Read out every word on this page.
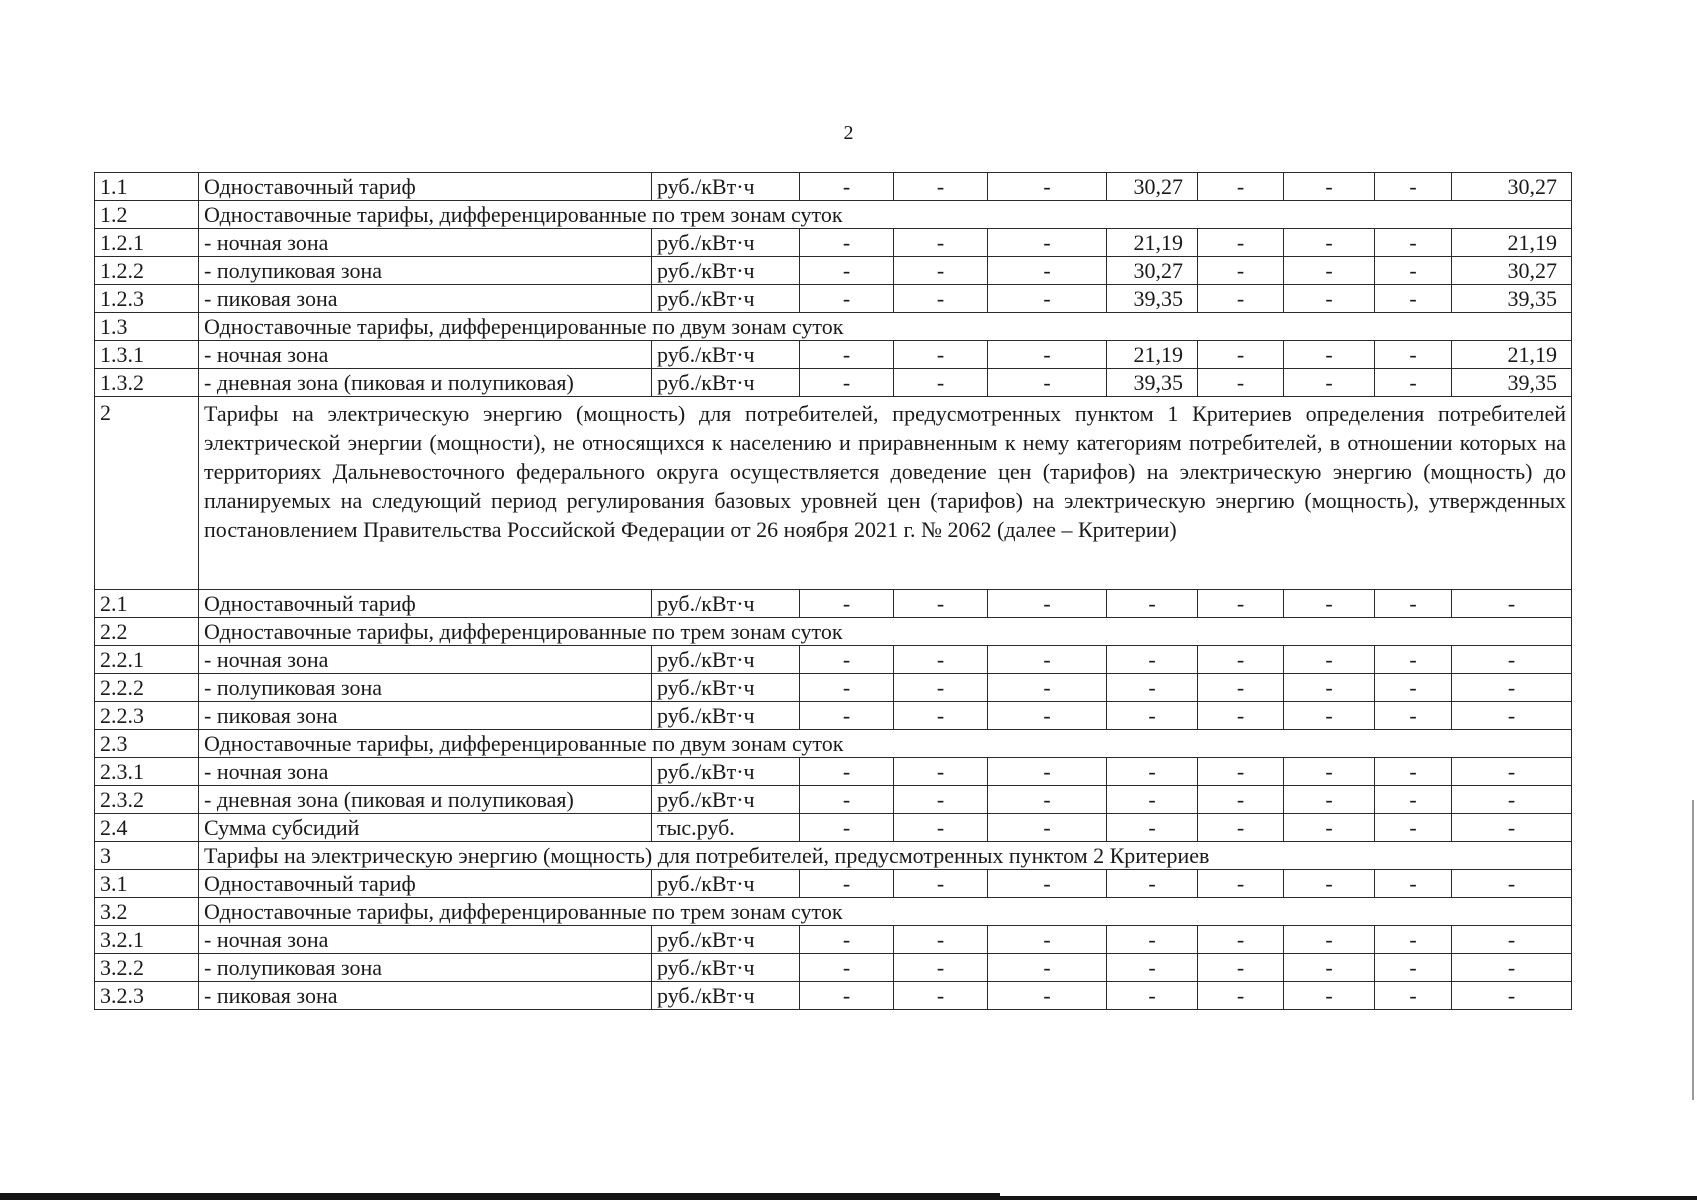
2
1.1	Одноставочный тариф	руб./кВт·ч	-	-	-	30,27	-	-	-	30,27
1.2	Одноставочные тарифы, дифференцированные по трем зонам суток									
1.2.1	- ночная зона	руб./кВт·ч	-	-	-	21,19	-	-	-	21,19
1.2.2	- полупиковая зона	руб./кВт·ч	-	-	-	30,27	-	-	-	30,27
1.2.3	- пиковая зона	руб./кВт·ч	-	-	-	39,35	-	-	-	39,35
1.3	Одноставочные тарифы, дифференцированные по двум зонам суток									
1.3.1	- ночная зона	руб./кВт·ч	-	-	-	21,19	-	-	-	21,19
1.3.2	- дневная зона (пиковая и полупиковая)	руб./кВт·ч	-	-	-	39,35	-	-	-	39,35
2	Тарифы на электрическую энергию (мощность) для потребителей, предусмотренных пунктом 1 Критериев определения потребителей электрической энергии (мощности), не относящихся к населению и приравненным к нему категориям потребителей, в отношении которых на территориях Дальневосточного федерального округа осуществляется доведение цен (тарифов) на электрическую энергию (мощность) до планируемых на следующий период регулирования базовых уровней цен (тарифов) на электрическую энергию (мощность), утвержденных постановлением Правительства Российской Федерации от 26 ноября 2021 г. № 2062 (далее – Критерии)									
2.1	Одноставочный тариф	руб./кВт·ч	-	-	-	-	-	-	-	-
2.2	Одноставочные тарифы, дифференцированные по трем зонам суток									
2.2.1	- ночная зона	руб./кВт·ч	-	-	-	-	-	-	-	-
2.2.2	- полупиковая зона	руб./кВт·ч	-	-	-	-	-	-	-	-
2.2.3	- пиковая зона	руб./кВт·ч	-	-	-	-	-	-	-	-
2.3	Одноставочные тарифы, дифференцированные по двум зонам суток									
2.3.1	- ночная зона	руб./кВт·ч	-	-	-	-	-	-	-	-
2.3.2	- дневная зона (пиковая и полупиковая)	руб./кВт·ч	-	-	-	-	-	-	-	-
2.4	Сумма субсидий	тыс.руб.	-	-	-	-	-	-	-	-
3	Тарифы на электрическую энергию (мощность) для потребителей, предусмотренных пунктом 2 Критериев									
3.1	Одноставочный тариф	руб./кВт·ч	-	-	-	-	-	-	-	-
3.2	Одноставочные тарифы, дифференцированные по трем зонам суток									
3.2.1	- ночная зона	руб./кВт·ч	-	-	-	-	-	-	-	-
3.2.2	- полупиковая зона	руб./кВт·ч	-	-	-	-	-	-	-	-
3.2.3	- пиковая зона	руб./кВт·ч	-	-	-	-	-	-	-	-
